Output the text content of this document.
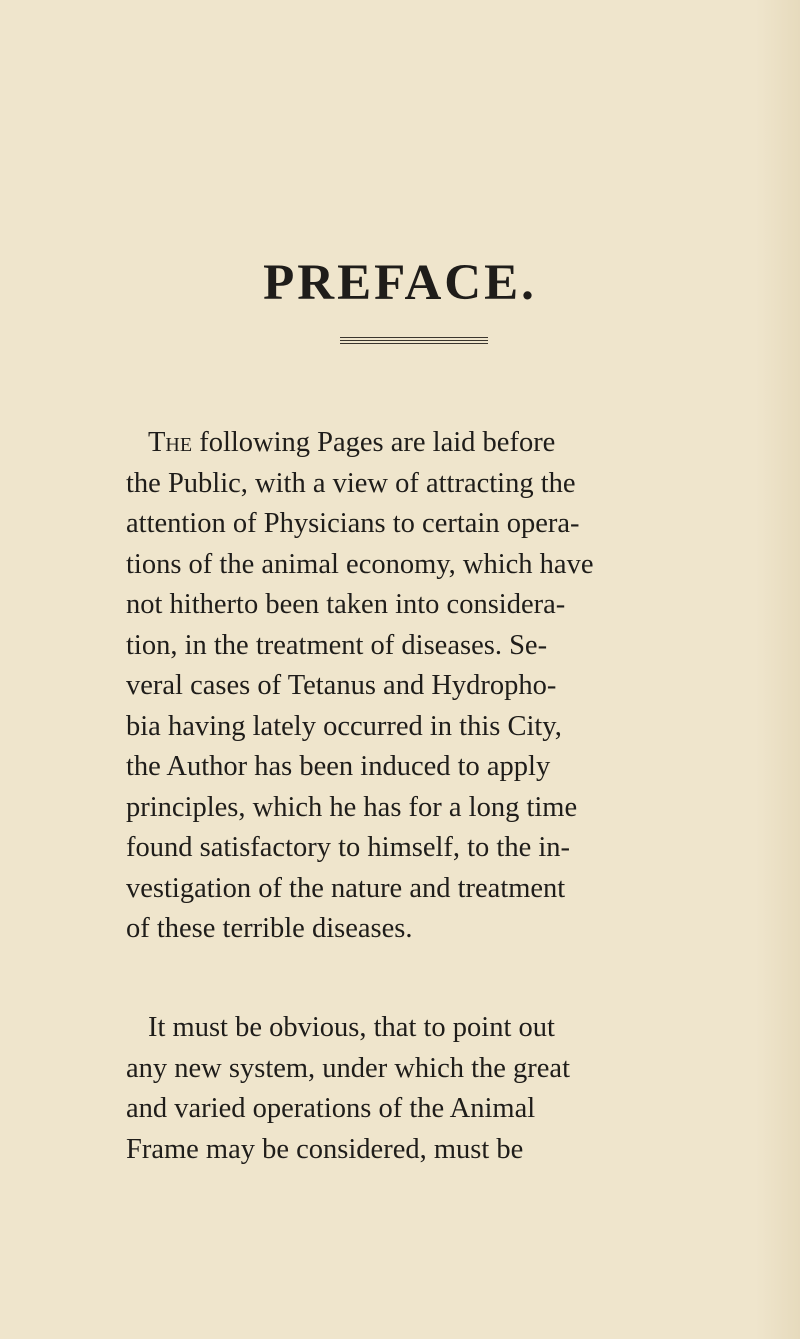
PREFACE.

The following Pages are laid before
the Public, with a view of attracting the
attention of Physicians to certain opera-
tions of the animal economy, which have
not hitherto been taken into considera-
tion, in the treatment of diseases. Se-
veral cases of Tetanus and Hydropho-
bia having lately occurred in this City,
the Author has been induced to apply
principles, which he has for a long time
found satisfactory to himself, to the in-
vestigation of the nature and treatment
of these terrible diseases.

It must be obvious, that to point out
any new system, under which the great
and varied operations of the Animal
Frame may be considered, must be
